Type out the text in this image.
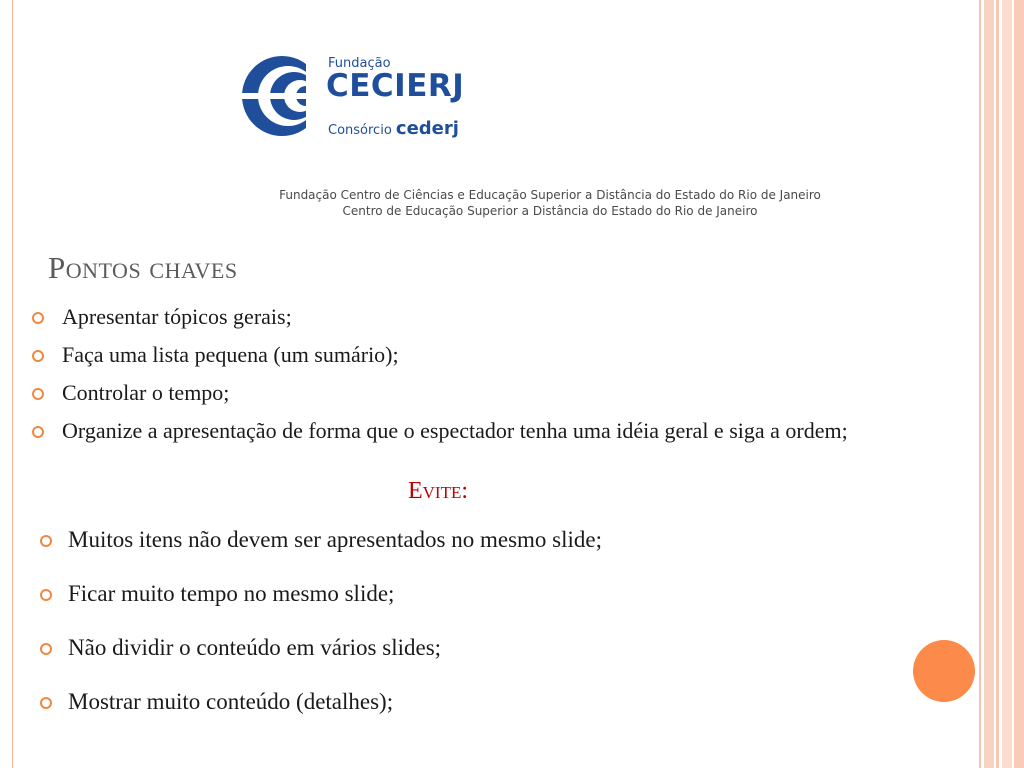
Fundação
CECIERJ
Consórcio cederj
Fundação Centro de Ciências e Educação Superior a Distância do Estado do Rio de Janeiro
Centro de Educação Superior a Distância do Estado do Rio de Janeiro
Pontos chaves
Apresentar tópicos gerais;
Faça uma lista pequena (um sumário);
Controlar o tempo;
Organize a apresentação de forma que o espectador tenha uma idéia geral e siga a ordem;
Evite:
Muitos itens não devem ser apresentados no mesmo slide;
Ficar muito tempo no mesmo slide;
Não dividir o conteúdo em vários slides;
Mostrar muito conteúdo (detalhes);
